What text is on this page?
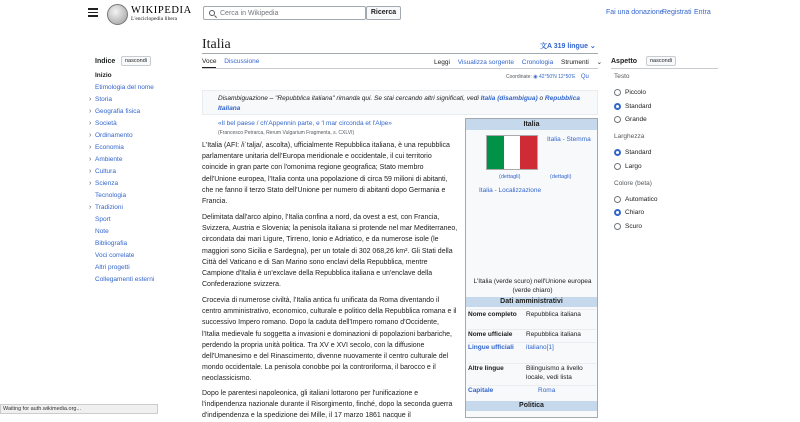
WIKIPEDIA
L'enciclopedia libera
Cerca in Wikipedia	Ricerca	Fai una donazione
Registrati Entra
Indice	nascondi
Inizio
Etimologia del nome
› Storia
› Geografia fisica
› Società
› Ordinamento
› Economia
› Ambiente
› Cultura
› Scienza
Tecnologia
› Tradizioni
Sport
Note
Bibliografia
Voci correlate
Altri progetti
Collegamenti esterni
Italia	文A 319 lingue ⌄
Voce Discussione	Leggi Visualizza sorgente Cronologia Strumenti ⌄
Coordinate: ◉ 42°50′N 12°50′E Qu
Disambiguazione – "Repubblica italiana" rimanda qui. Se stai cercando altri significati, vedi Italia (disambigua) o Repubblica Italiana
«Il bel paese / ch'Appennin parte, e 'l mar circonda et l'Alpe»
(Francesco Petrarca, Rerum Vulgarium Fragmenta, s. CXLVI)
L'Italia (AFI: /iˈtalja/, ascolta), ufficialmente Repubblica italiana, è una repubblica parlamentare unitaria dell'Europa meridionale e occidentale, il cui territorio coincide in gran parte con l'omonima regione geografica; Stato membro dell'Unione europea, l'Italia conta una popolazione di circa 59 milioni di abitanti, che ne fanno il terzo Stato dell'Unione per numero di abitanti dopo Germania e Francia.
Delimitata dall'arco alpino, l'Italia confina a nord, da ovest a est, con Francia, Svizzera, Austria e Slovenia; la penisola italiana si protende nel mar Mediterraneo, circondata dai mari Ligure, Tirreno, Ionio e Adriatico, e da numerose isole (le maggiori sono Sicilia e Sardegna), per un totale di 302 068,26 km². Gli Stati della Città del Vaticano e di San Marino sono enclavi della Repubblica, mentre Campione d'Italia è un'exclave della Repubblica italiana e un'enclave della Confederazione svizzera.
Crocevia di numerose civiltà, l'Italia antica fu unificata da Roma diventando il centro amministrativo, economico, culturale e politico della Repubblica romana e il successivo Impero romano. Dopo la caduta dell'Impero romano d'Occidente, l'Italia medievale fu soggetta a invasioni e dominazioni di popolazioni barbariche, perdendo la propria unità politica. Tra XV e XVI secolo, con la diffusione dell'Umanesimo e del Rinascimento, divenne nuovamente il centro culturale del mondo occidentale. La penisola conobbe poi la controriforma, il barocco e il neoclassicismo.
Dopo le parentesi napoleonica, gli italiani lottarono per l'unificazione e l'indipendenza nazionale durante il Risorgimento, finché, dopo la seconda guerra d'indipendenza e la spedizione dei Mille, il 17 marzo 1861 nacque il
Italia
Italia - Stemma
(dettagli)	(dettagli)
Italia - Localizzazione
L'Italia (verde scuro) nell'Unione europea (verde chiaro)
Dati amministrativi
Nome completo	Repubblica italiana
Nome ufficiale	Repubblica italiana
Lingue ufficiali	italiano[1]
Altre lingue	Bilinguismo a livello locale, vedi lista
Capitale	Roma
Politica
Aspetto	nascondi
Testo
Piccolo
Standard
Grande
Larghezza
Standard
Largo
Colore (beta)
Automatico
Chiaro
Scuro
Waiting for auth.wikimedia.org...
